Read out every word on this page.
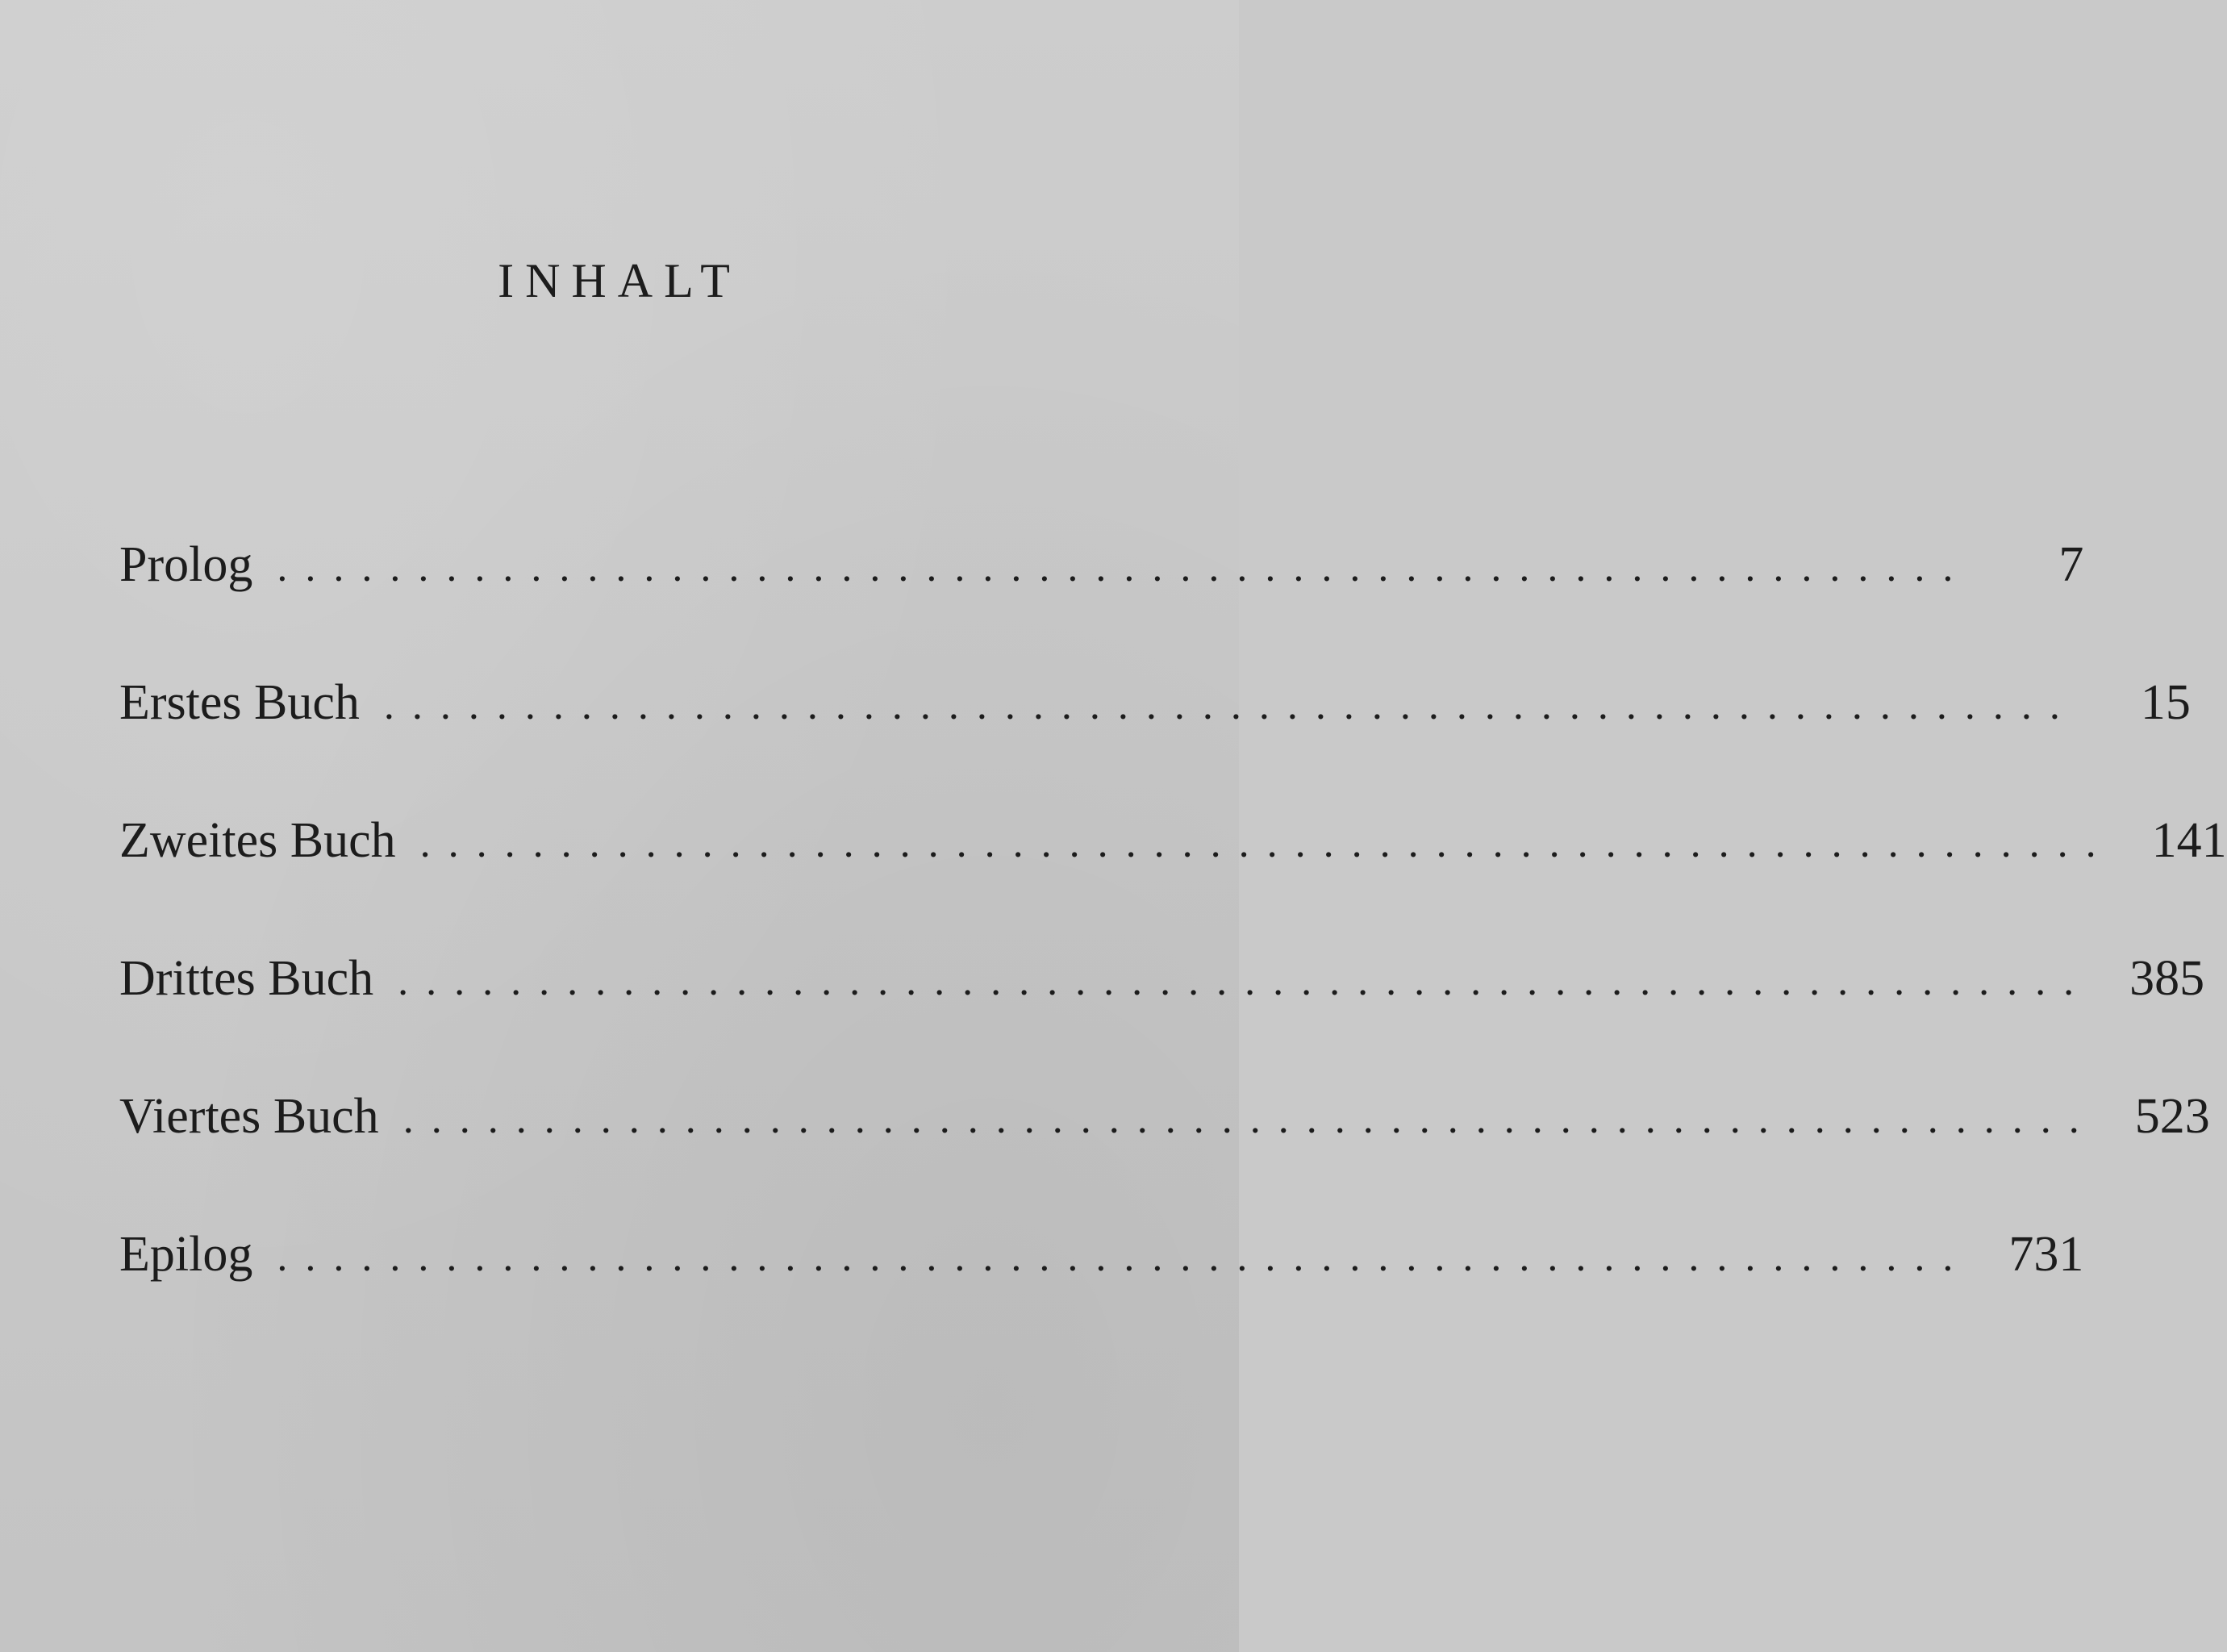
INHALT
Prolog ............................................................	7
Erstes Buch ............................................................	15
Zweites Buch ............................................................ 141
Drittes Buch ............................................................ 385
Viertes Buch ............................................................ 523
Epilog ............................................................ 731
